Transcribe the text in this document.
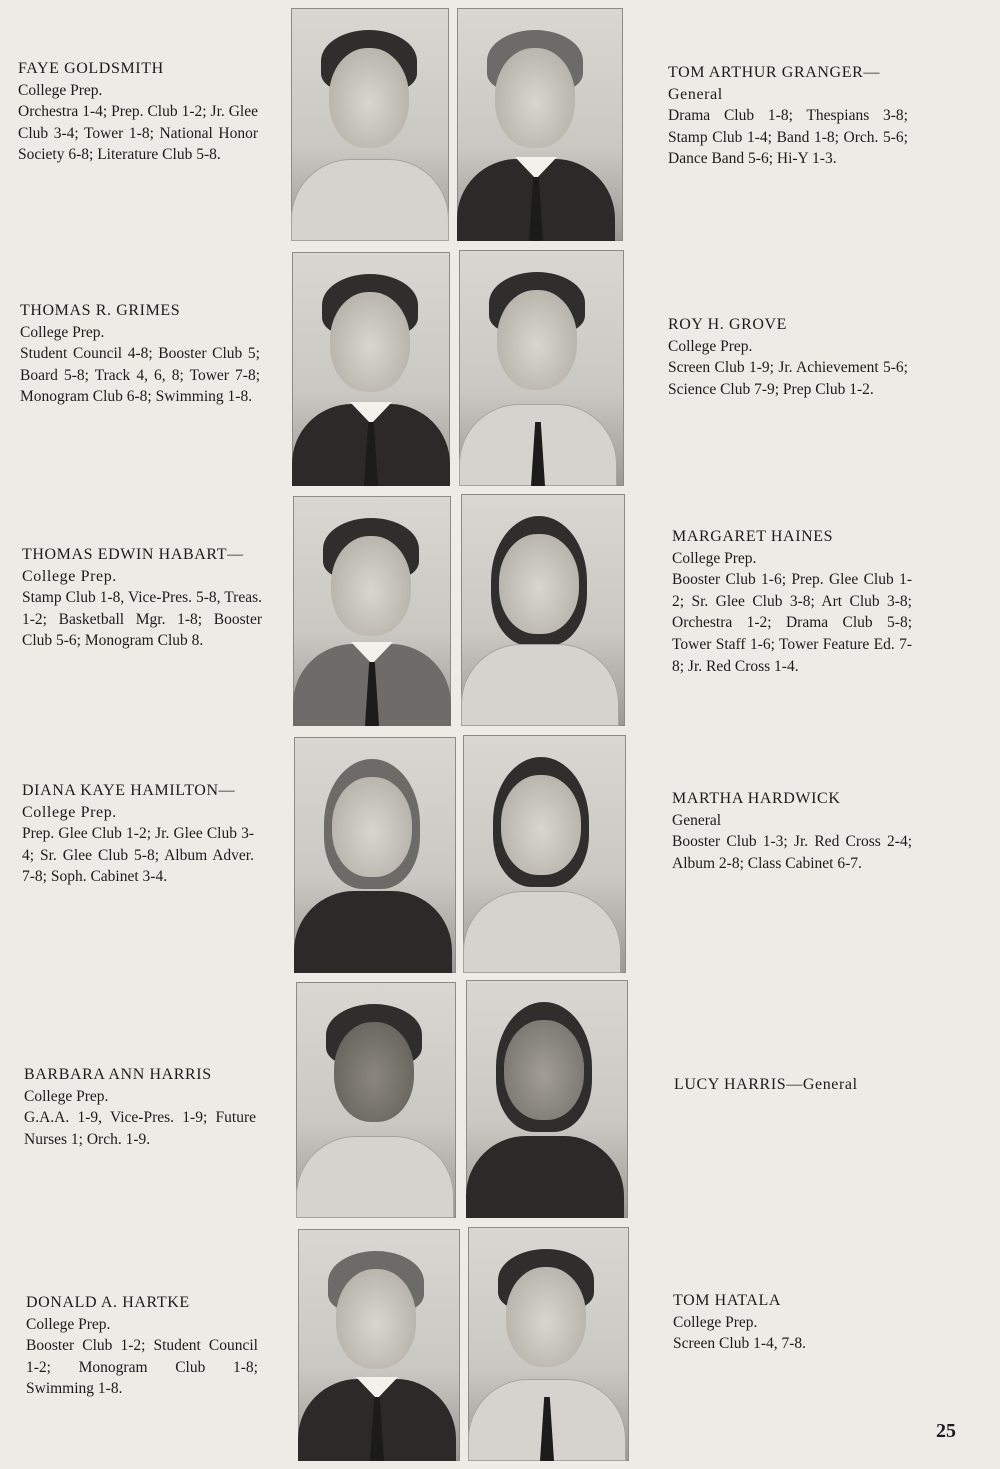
FAYE GOLDSMITH
College Prep.
Orchestra 1-4; Prep. Club 1-2; Jr. Glee Club 3-4; Tower 1-8; National Honor Society 6-8; Literature Club 5-8.
TOM ARTHUR GRANGER—General
Drama Club 1-8; Thespians 3-8; Stamp Club 1-4; Band 1-8; Orch. 5-6; Dance Band 5-6; Hi-Y 1-3.
THOMAS R. GRIMES
College Prep.
Student Council 4-8; Booster Club 5; Board 5-8; Track 4, 6, 8; Tower 7-8; Monogram Club 6-8; Swimming 1-8.
ROY H. GROVE
College Prep.
Screen Club 1-9; Jr. Achievement 5-6; Science Club 7-9; Prep Club 1-2.
THOMAS EDWIN HABART—College Prep.
Stamp Club 1-8, Vice-Pres. 5-8, Treas. 1-2; Basketball Mgr. 1-8; Booster Club 5-6; Monogram Club 8.
MARGARET HAINES
College Prep.
Booster Club 1-6; Prep. Glee Club 1-2; Sr. Glee Club 3-8; Art Club 3-8; Orchestra 1-2; Drama Club 5-8; Tower Staff 1-6; Tower Feature Ed. 7-8; Jr. Red Cross 1-4.
DIANA KAYE HAMILTON—College Prep.
Prep. Glee Club 1-2; Jr. Glee Club 3-4; Sr. Glee Club 5-8; Album Adver. 7-8; Soph. Cabinet 3-4.
MARTHA HARDWICK
General
Booster Club 1-3; Jr. Red Cross 2-4; Album 2-8; Class Cabinet 6-7.
BARBARA ANN HARRIS
College Prep.
G.A.A. 1-9, Vice-Pres. 1-9; Future Nurses 1; Orch. 1-9.
LUCY HARRIS—General
DONALD A. HARTKE
College Prep.
Booster Club 1-2; Student Council 1-2; Monogram Club 1-8; Swimming 1-8.
TOM HATALA
College Prep.
Screen Club 1-4, 7-8.
25
